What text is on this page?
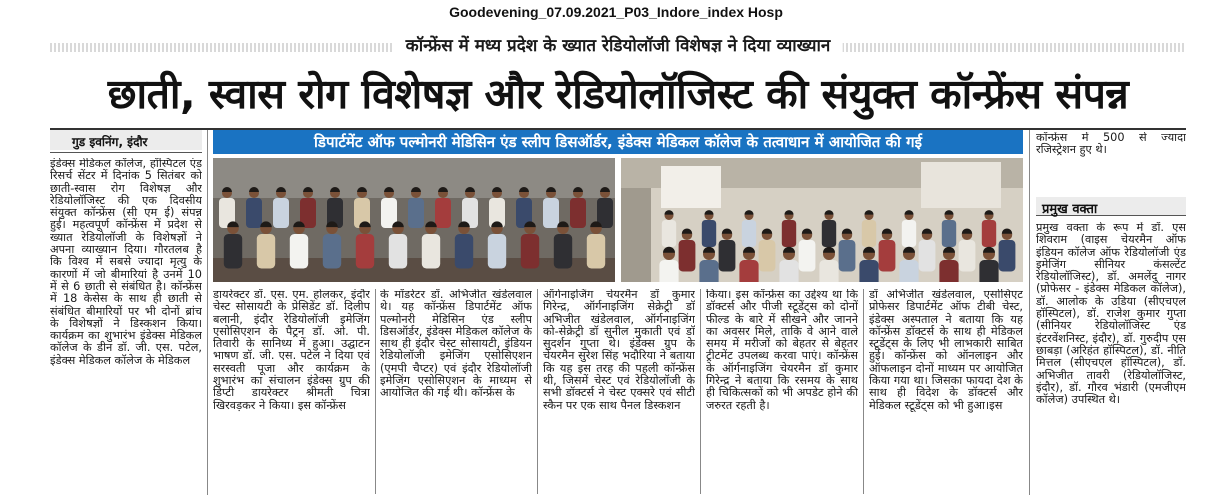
Goodevening_07.09.2021_P03_Indore_index Hosp
कॉन्फ्रेंस में मध्य प्रदेश के ख्यात रेडियोलॉजी विशेषज्ञ ने दिया व्याख्यान
छाती, स्वास रोग विशेषज्ञ और रेडियोलॉजिस्ट की संयुक्त कॉन्फ्रेंस संपन्न
गुड इवनिंग, इंदौर	डिपार्टमेंट ऑफ पल्मोनरी मेडिसिन एंड स्लीप डिसऑर्डर, इंडेक्स मेडिकल कॉलेज के तत्वाधान में आयोजित की गई

इंडेक्स मेडिकल कॉलेज, हॉस्पिटल एंड रिसर्च सेंटर में दिनांक 5 सितंबर को छाती-स्वास रोग विशेषज्ञ और रेडियोलॉजिस्ट की एक दिवसीय संयुक्त कॉन्फ्रेंस (सी एम ई) संपन्न हुई। महत्वपूर्ण कॉन्फ्रेंस में प्रदेश से ख्यात रेडियोलॉजी के विशेषज्ञों ने अपना व्याख्यान दिया। गौरतलब है कि विश्व में सबसे ज्यादा मृत्यु के कारणों में जो बीमारियां है उनमें 10 में से 6 छाती से संबंधित है। कॉन्फ्रेंस में 18 केसेस के साथ ही छाती से संबंधित बीमारियों पर भी दोनों ब्रांच के विशेषज्ञों ने डिस्कशन किया। कार्यक्रम का शुभारंभ इंडेक्स मेडिकल कॉलेज के डीन डॉ. जी. एस. पटेल, इंडेक्स मेडिकल कॉलेज के मेडिकल

डायरेक्टर डॉ. एस. एम. होलकर, इंदौर चेस्ट सोसायटी के प्रेसिडेंट डॉ. दिलीप बलानी, इंदौर रेडियोलॉजी इमेजिंग एसोसिएशन के पैट्रन डॉ. ओ. पी. तिवारी के सानिध्य में हुआ। उद्घाटन भाषण डॉ. जी. एस. पटेल ने दिया एवं सरस्वती पूजा और कार्यक्रम के शुभारंभ का संचालन इंडेक्स ग्रुप की डिप्टी डायरेक्टर श्रीमती चित्रा खिरवड़कर ने किया। इस कॉन्फ्रेंस

के मॉडरेटर डॉ. अभिजीत खंडेलवाल थे। यह कॉन्फ्रेंस डिपार्टमेंट ऑफ पल्मोनरी मेडिसिन एंड स्लीप डिसऑर्डर, इंडेक्स मेडिकल कॉलेज के साथ ही इंदौर चेस्ट सोसायटी, इंडियन रेडियोलॉजी इमेजिंग एसोसिएशन (एमपी चैप्टर) एवं इंदौर रेडियोलॉजी इमेजिंग एसोसिएशन के माध्यम से आयोजित की गई थी। कॉन्फ्रेंस के

ऑर्गनाइजिंग चेयरमैन डॉ कुमार गिरेन्द्र, ऑर्गनाइजिंग सेक्रेट्री डॉ अभिजीत खंडेलवाल, ऑर्गनाइजिंग को-सेक्रेट्री डॉ सुनील मुकाती एवं डॉ सुदर्शन गुप्ता थे। इंडेक्स ग्रुप के चेयरमैन सुरेश सिंह भदौरिया ने बताया कि यह इस तरह की पहली कॉन्फ्रेंस थी, जिसमें चेस्ट एवं रेडियोलॉजी के सभी डॉक्टर्स ने चेस्ट एक्सरे एवं सीटी स्कैन पर एक साथ पैनल डिस्कशन

किया। इस कॉन्फ्रेंस का उद्देश्य था कि डॉक्टर्स और पीजी स्टूडेंट्स को दोनों फील्ड के बारे में सीखने और जानने का अवसर मिले, ताकि वे आने वाले समय में मरीजों को बेहतर से बेहतर ट्रीटमेंट उपलब्ध करवा पाएं। कॉन्फ्रेंस के ऑर्गनाइजिंग चेयरमैन डॉ कुमार गिरेन्द्र ने बताया कि रसमय के साथ ही चिकित्सकों को भी अपडेट होने की जरुरत रहती है।

डॉ अभिजीत खंडेलवाल, एसोसिएट प्रोफेसर डिपार्टमेंट ऑफ टीबी चेस्ट, इंडेक्स अस्पताल ने बताया कि यह कॉन्फ्रेंस डॉक्टर्स के साथ ही मेडिकल स्टूडेंट्स के लिए भी लाभकारी साबित हुई। कॉन्फ्रेंस को ऑनलाइन और ऑफलाइन दोनों माध्यम पर आयोजित किया गया था। जिसका फायदा देश के साथ ही विदेश के डॉक्टर्स और मेडिकल स्टूडेंट्स को भी हुआ।इस

कॉन्फ्रेंस में 500 से ज्यादा रजिस्ट्रेशन हुए थे।

प्रमुख वक्ता

प्रमुख वक्ता के रूप में डॉ. एस शिवराम (वाइस चेयरमैन ऑफ इंडियन कॉलेज ऑफ रेडियोलॉजी एंड इमेजिंग सीनियर कंसल्टेंट रेडियोलॉजिस्ट), डॉ. अमलेंदु नागर (प्रोफेसर - इंडेक्स मेडिकल कॉलेज), डॉ. आलोक के उडिया (सीएचएल हॉस्पिटल), डॉ. राजेश कुमार गुप्ता (सीनियर रेडियोलॉजिस्ट एंड इंटरवेंशनिस्ट, इंदौर), डॉ. गुरुदीप एस छाबड़ा (अरिहंत हॉस्पिटल), डॉ. नीति मित्तल (सीएचएल हॉस्पिटल), डॉ. अभिजीत तावरी (रेडियोलॉजिस्ट, इंदौर), डॉ. गौरव भंडारी (एमजीएम कॉलेज) उपस्थित थे।
